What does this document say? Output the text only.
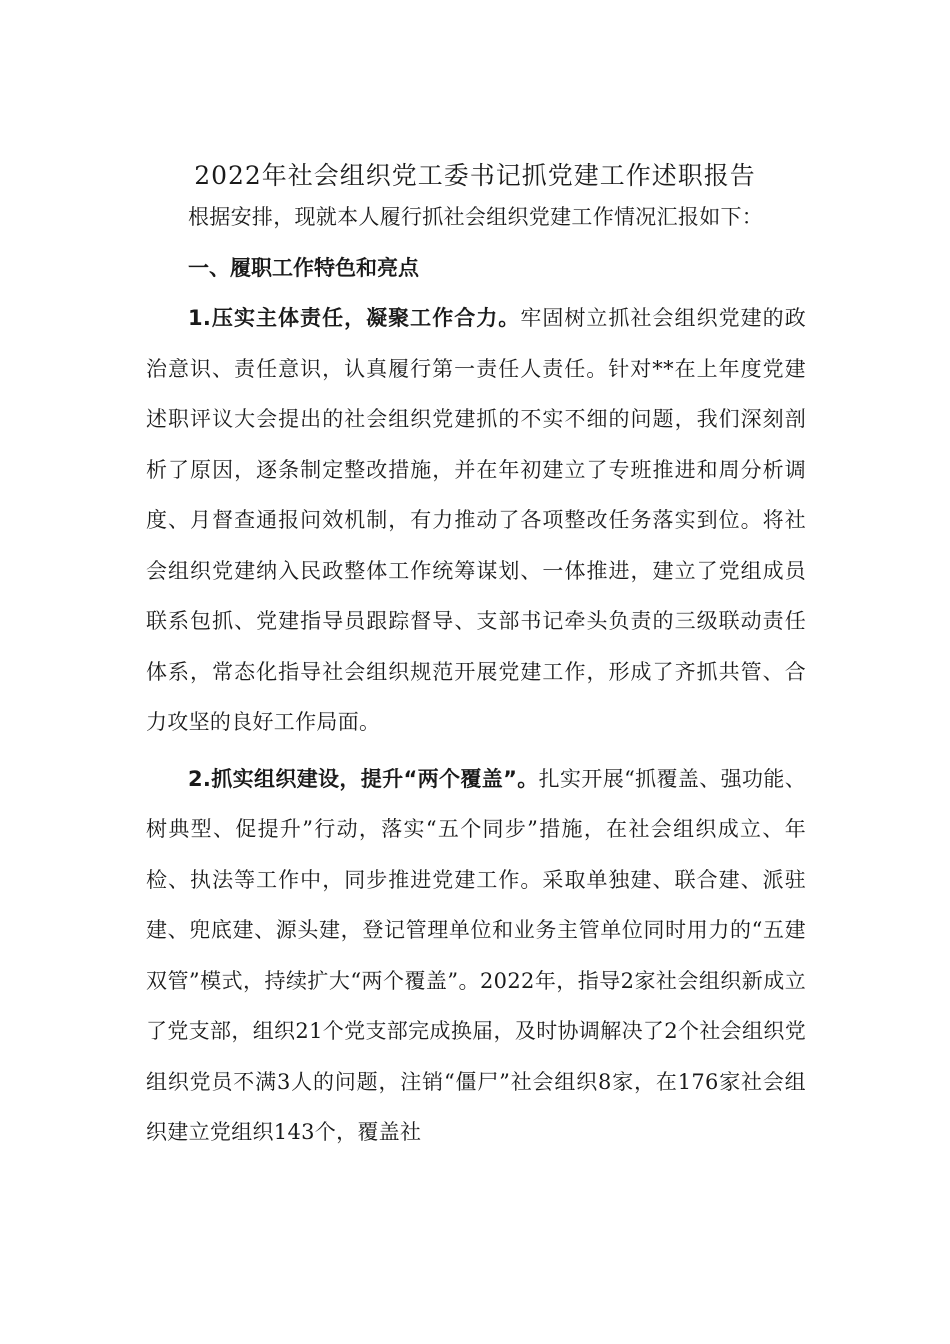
2022年社会组织党工委书记抓党建工作述职报告

根据安排，现就本人履行抓社会组织党建工作情况汇报如下：

一、履职工作特色和亮点

1.压实主体责任，凝聚工作合力。牢固树立抓社会组织党建的政治意识、责任意识，认真履行第一责任人责任。针对**在上年度党建述职评议大会提出的社会组织党建抓的不实不细的问题，我们深刻剖析了原因，逐条制定整改措施，并在年初建立了专班推进和周分析调度、月督查通报问效机制，有力推动了各项整改任务落实到位。将社会组织党建纳入民政整体工作统筹谋划、一体推进，建立了党组成员联系包抓、党建指导员跟踪督导、支部书记牵头负责的三级联动责任体系，常态化指导社会组织规范开展党建工作，形成了齐抓共管、合力攻坚的良好工作局面。

2.抓实组织建设，提升“两个覆盖”。扎实开展“抓覆盖、强功能、树典型、促提升”行动，落实“五个同步”措施，在社会组织成立、年检、执法等工作中，同步推进党建工作。采取单独建、联合建、派驻建、兜底建、源头建，登记管理单位和业务主管单位同时用力的“五建双管”模式，持续扩大“两个覆盖”。2022年，指导2家社会组织新成立了党支部，组织21个党支部完成换届，及时协调解决了2个社会组织党组织党员不满3人的问题，注销“僵尸”社会组织8家，在176家社会组织建立党组织143个，覆盖社
